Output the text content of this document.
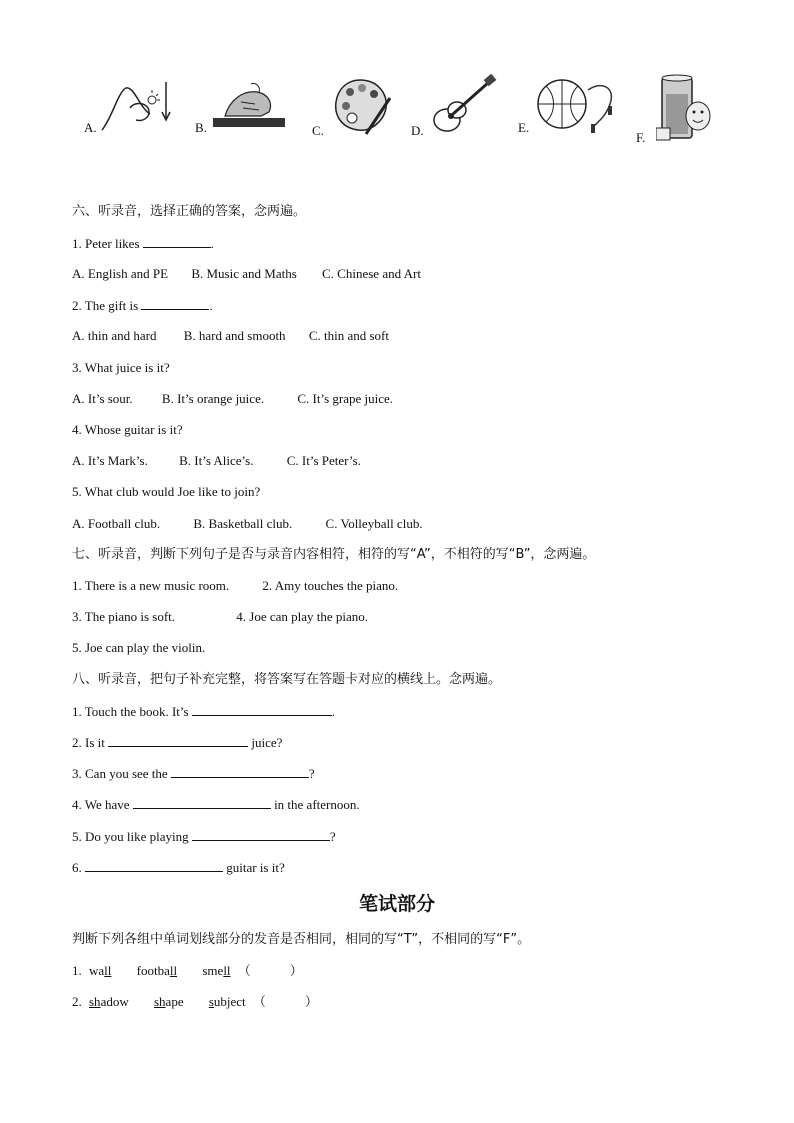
A.	B.	C.	D.	E.
F.
六、听录音，选择正确的答案，念两遍。
1. Peter likes	.
A. English and PE B. Music and Maths C. Chinese and Art
2. The gift is	.
A. thin and hard B. hard and smooth C. thin and soft
3. What juice is it?
A. It’s sour. B. It’s orange juice.	C. It’s grape juice.
4. Whose guitar is it?
A. It’s Mark’s. B. It’s Alice’s.	C. It’s Peter’s.
5. What club would Joe like to join?
A. Football club.	B. Basketball club.	C. Volleyball club.
七、听录音，判断下列句子是否与录音内容相符，相符的写“A”，不相符的写“B”，念两遍。
1. There is a new music room.	2. Amy touches the piano.
3. The piano is soft.	4. Joe can play the piano.
5. Joe can play the violin.
八、听录音，把句子补充完整，将答案写在答题卡对应的横线上。念两遍。
1. Touch the book. It’s	.
2. Is it	juice?
3. Can you see the	?
4. We have	in the afternoon.
5. Do you like playing	?
6.	guitar is it?
笔试部分
判断下列各组中单词划线部分的发音是否相同，相同的写“T”，不相同的写“F”。
1. wall football smell （　　　）
2. shadow shape subject （　　　）
